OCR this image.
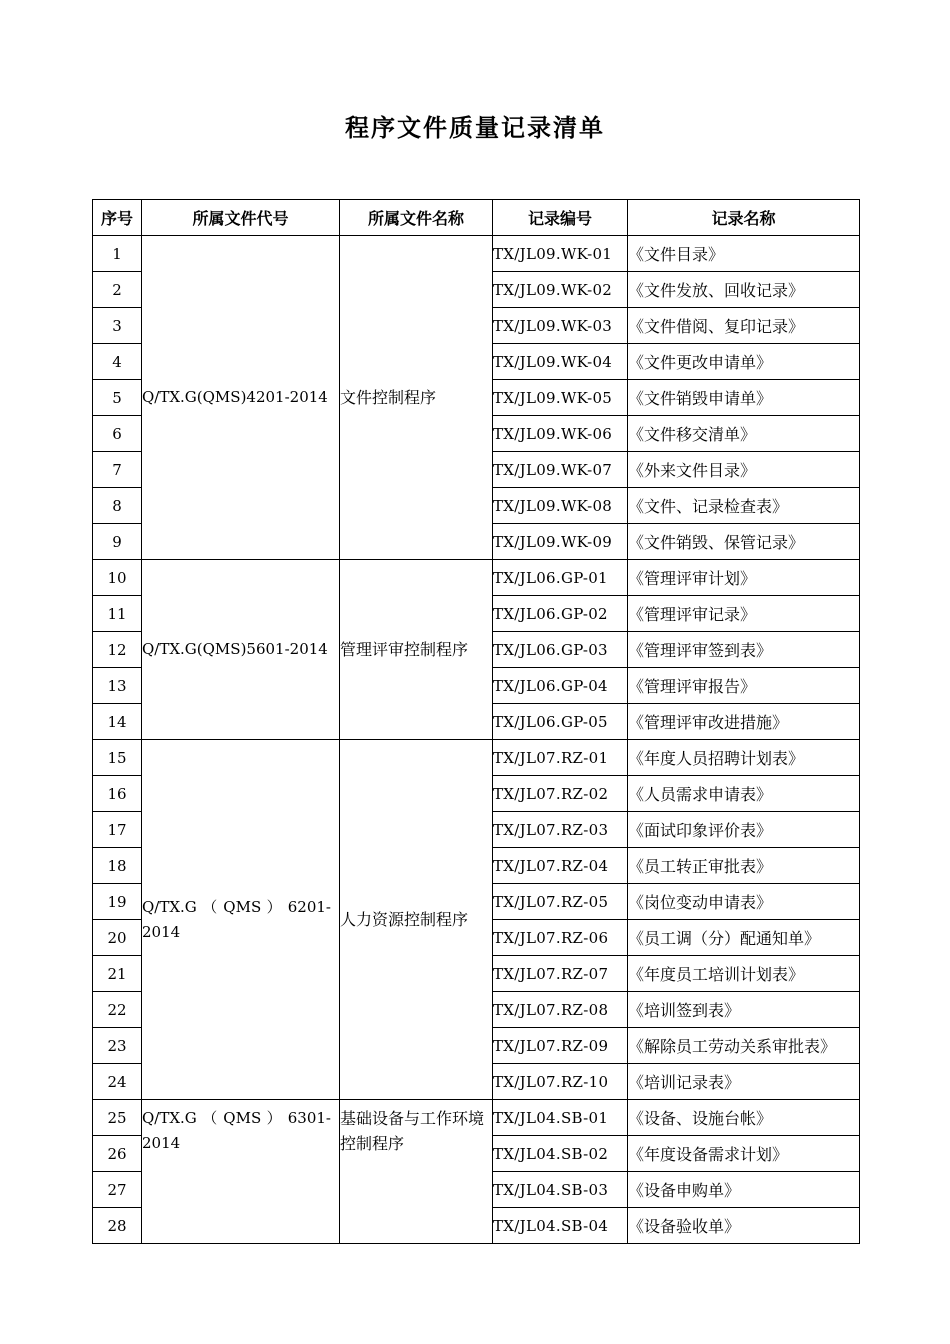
程序文件质量记录清单
序号	所属文件代号	所属文件名称	记录编号	记录名称
1	Q/TX.G(QMS)4201-2014	文件控制程序	TX/JL09.WK-01	《文件目录》
2			TX/JL09.WK-02	《文件发放、回收记录》
3			TX/JL09.WK-03	《文件借阅、复印记录》
4			TX/JL09.WK-04	《文件更改申请单》
5			TX/JL09.WK-05	《文件销毁申请单》
6			TX/JL09.WK-06	《文件移交清单》
7			TX/JL09.WK-07	《外来文件目录》
8			TX/JL09.WK-08	《文件、记录检查表》
9			TX/JL09.WK-09	《文件销毁、保管记录》
10	Q/TX.G(QMS)5601-2014	管理评审控制程序	TX/JL06.GP-01	《管理评审计划》
11			TX/JL06.GP-02	《管理评审记录》
12			TX/JL06.GP-03	《管理评审签到表》
13			TX/JL06.GP-04	《管理评审报告》
14			TX/JL06.GP-05	《管理评审改进措施》
15	Q/TX.G （ QMS ） 6201-2014	人力资源控制程序	TX/JL07.RZ-01	《年度人员招聘计划表》
16			TX/JL07.RZ-02	《人员需求申请表》
17			TX/JL07.RZ-03	《面试印象评价表》
18			TX/JL07.RZ-04	《员工转正审批表》
19			TX/JL07.RZ-05	《岗位变动申请表》
20			TX/JL07.RZ-06	《员工调（分）配通知单》
21			TX/JL07.RZ-07	《年度员工培训计划表》
22			TX/JL07.RZ-08	《培训签到表》
23			TX/JL07.RZ-09	《解除员工劳动关系审批表》
24			TX/JL07.RZ-10	《培训记录表》
25	Q/TX.G （ QMS ） 6301-2014	基础设备与工作环境控制程序	TX/JL04.SB-01	《设备、设施台帐》
26			TX/JL04.SB-02	《年度设备需求计划》
27			TX/JL04.SB-03	《设备申购单》
28			TX/JL04.SB-04	《设备验收单》
